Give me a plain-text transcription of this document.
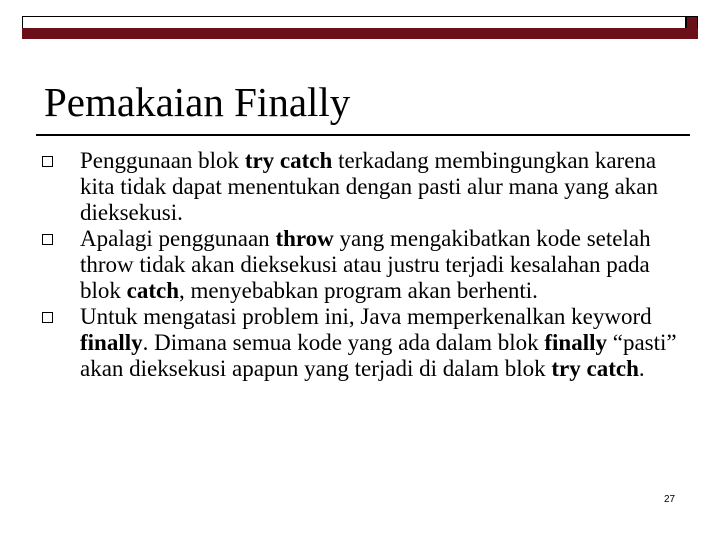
Pemakaian Finally
Penggunaan blok try catch terkadang membingungkan karena kita tidak dapat menentukan dengan pasti alur mana yang akan dieksekusi.
Apalagi penggunaan throw yang mengakibatkan kode setelah throw tidak akan dieksekusi atau justru terjadi kesalahan pada blok catch, menyebabkan program akan berhenti.
Untuk mengatasi problem ini, Java memperkenalkan keyword finally. Dimana semua kode yang ada dalam blok finally “pasti” akan dieksekusi apapun yang terjadi di dalam blok try catch.
27
